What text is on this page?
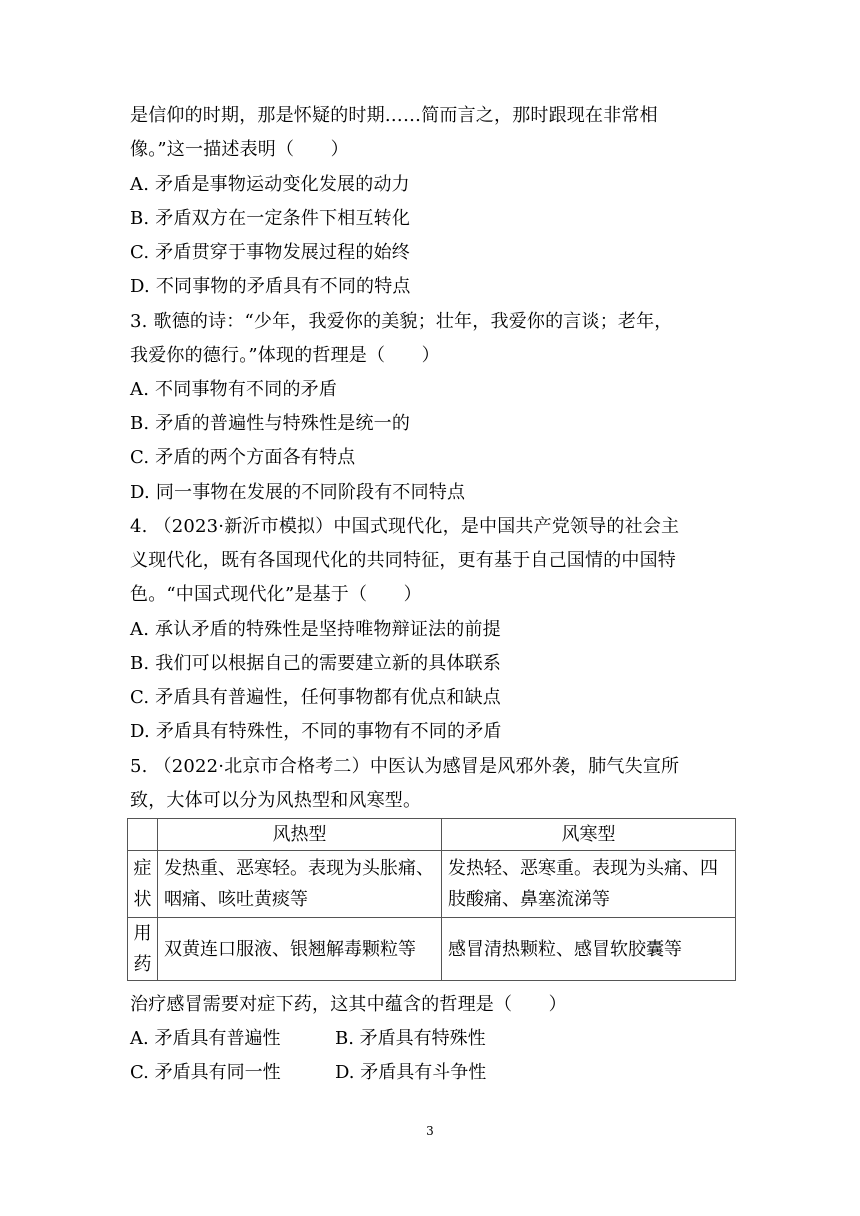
是信仰的时期，那是怀疑的时期……简而言之，那时跟现在非常相
像。”这一描述表明（　　）
A. 矛盾是事物运动变化发展的动力
B. 矛盾双方在一定条件下相互转化
C. 矛盾贯穿于事物发展过程的始终
D. 不同事物的矛盾具有不同的特点
3. 歌德的诗：“少年，我爱你的美貌；壮年，我爱你的言谈；老年，
我爱你的德行。”体现的哲理是（　　）
A. 不同事物有不同的矛盾
B. 矛盾的普遍性与特殊性是统一的
C. 矛盾的两个方面各有特点
D. 同一事物在发展的不同阶段有不同特点
4. （2023·新沂市模拟）中国式现代化，是中国共产党领导的社会主
义现代化，既有各国现代化的共同特征，更有基于自己国情的中国特
色。“中国式现代化”是基于（　　）
A. 承认矛盾的特殊性是坚持唯物辩证法的前提
B. 我们可以根据自己的需要建立新的具体联系
C. 矛盾具有普遍性，任何事物都有优点和缺点
D. 矛盾具有特殊性，不同的事物有不同的矛盾
5. （2022·北京市合格考二）中医认为感冒是风邪外袭，肺气失宣所
致，大体可以分为风热型和风寒型。
	风热型	风寒型
症
状	发热重、恶寒轻。表现为头胀痛、咽痛、咳吐黄痰等	发热轻、恶寒重。表现为头痛、四肢酸痛、鼻塞流涕等
用
药	双黄连口服液、银翘解毒颗粒等	感冒清热颗粒、感冒软胶囊等
治疗感冒需要对症下药，这其中蕴含的哲理是（　　）
A. 矛盾具有普遍性	B. 矛盾具有特殊性
C. 矛盾具有同一性	D. 矛盾具有斗争性
3
